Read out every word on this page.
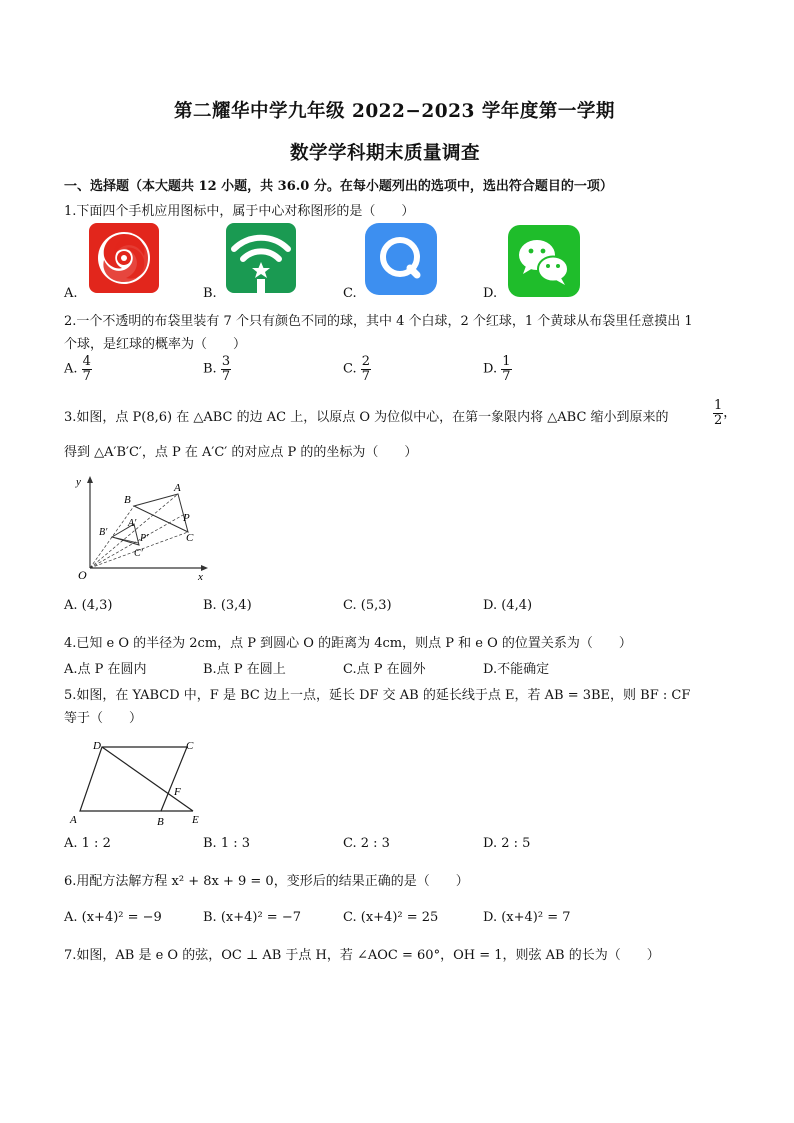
第二耀华中学九年级 2022−2023 学年度第一学期
数学学科期末质量调查
一、选择题（本大题共 12 小题，共 36.0 分。在每小题列出的选项中，选出符合题目的一项）
1.下面四个手机应用图标中，属于中心对称图形的是（　　）
A.	B.	C.	D.
2.一个不透明的布袋里装有 7 个只有颜色不同的球，其中 4 个白球，2 个红球，1 个黄球从布袋里任意摸出 1
个球，是红球的概率为（　　）
A. $\frac{4}{7}$	B. $\frac{3}{7}$	C. $\frac{2}{7}$	D. $\frac{1}{7}$
3.如图，点 P(8,6) 在 △ABC 的边 AC 上，以原点 O 为位似中心，在第一象限内将 △ABC 缩小到原来的	$\frac{1}{2}$ ，
得到 △A′B′C′，点 P 在 A′C′ 的对应点 P 的的坐标为（　　）
y
x
O
A
B
C
P
A′
B′
C′
P′
A. (4,3)	B. (3,4)	C. (5,3)	D. (4,4)
4.已知 e O 的半径为 2cm，点 P 到圆心 O 的距离为 4cm，则点 P 和 e O 的位置关系为（　　）
A.点 P 在圆内	B.点 P 在圆上	C.点 P 在圆外	D.不能确定
5.如图，在 YABCD 中，F 是 BC 边上一点，延长 DF 交 AB 的延长线于点 E，若 AB = 3BE，则 BF : CF
等于（　　）
D	C
A	B	E
F
A. 1 : 2	B. 1 : 3	C. 2 : 3	D. 2 : 5
6.用配方法解方程 x² + 8x + 9 = 0，变形后的结果正确的是（　　）
A. (x+4)² = −9	B. (x+4)² = −7	C. (x+4)² = 25	D. (x+4)² = 7
7.如图，AB 是 e O 的弦，OC ⊥ AB 于点 H，若 ∠AOC = 60°，OH = 1，则弦 AB 的长为（　　）
